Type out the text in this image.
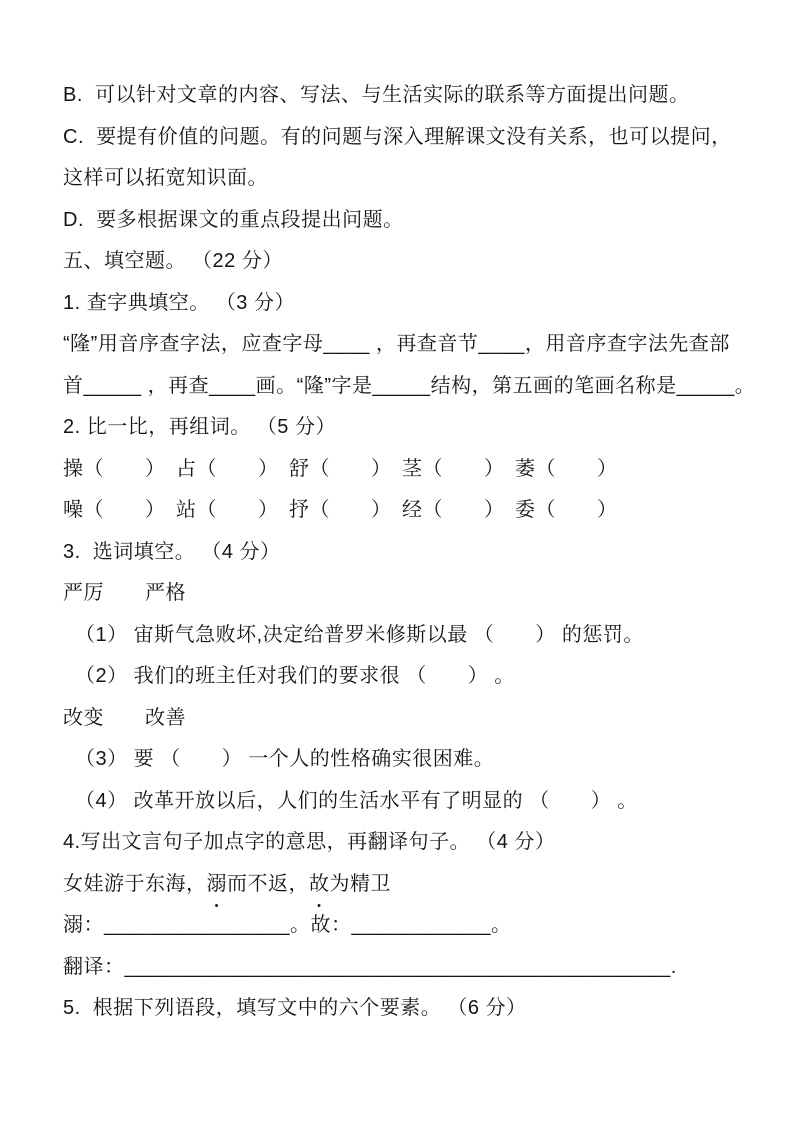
B.  可以针对文章的内容、写法、与生活实际的联系等方面提出问题。

C.  要提有价值的问题。有的问题与深入理解课文没有关系，也可以提问，

这样可以拓宽知识面。

D.  要多根据课文的重点段提出问题。

五、填空题。 （22 分）

1. 查字典填空。 （3 分）

“隆”用音序查字法，应查字母____ ，再查音节____，用音序查字法先查部

首_____ ，再查____画。“隆”字是_____结构，第五画的笔画名称是_____。

2. 比一比，再组词。 （5 分）

操（　　）　占（　　）　舒（　　）　茎（　　）　萎（　　）

噪（　　）　站（　　）　抒（　　）　经（　　）　委（　　）

3.  选词填空。 （4 分）

严厉　　严格

（1） 宙斯气急败坏,决定给普罗米修斯以最 （　　） 的惩罚。

（2） 我们的班主任对我们的要求很 （　　） 。

改变　　改善

（3） 要 （　　） 一个人的性格确实很困难。

（4） 改革开放以后，人们的生活水平有了明显的 （　　） 。

4.写出文言句子加点字的意思，再翻译句子。 （4 分）

女娃游于东海，溺而不返，故为精卫

溺：________________。故：____________。

翻译：_______________________________________________.

5.  根据下列语段，填写文中的六个要素。 （6 分）
